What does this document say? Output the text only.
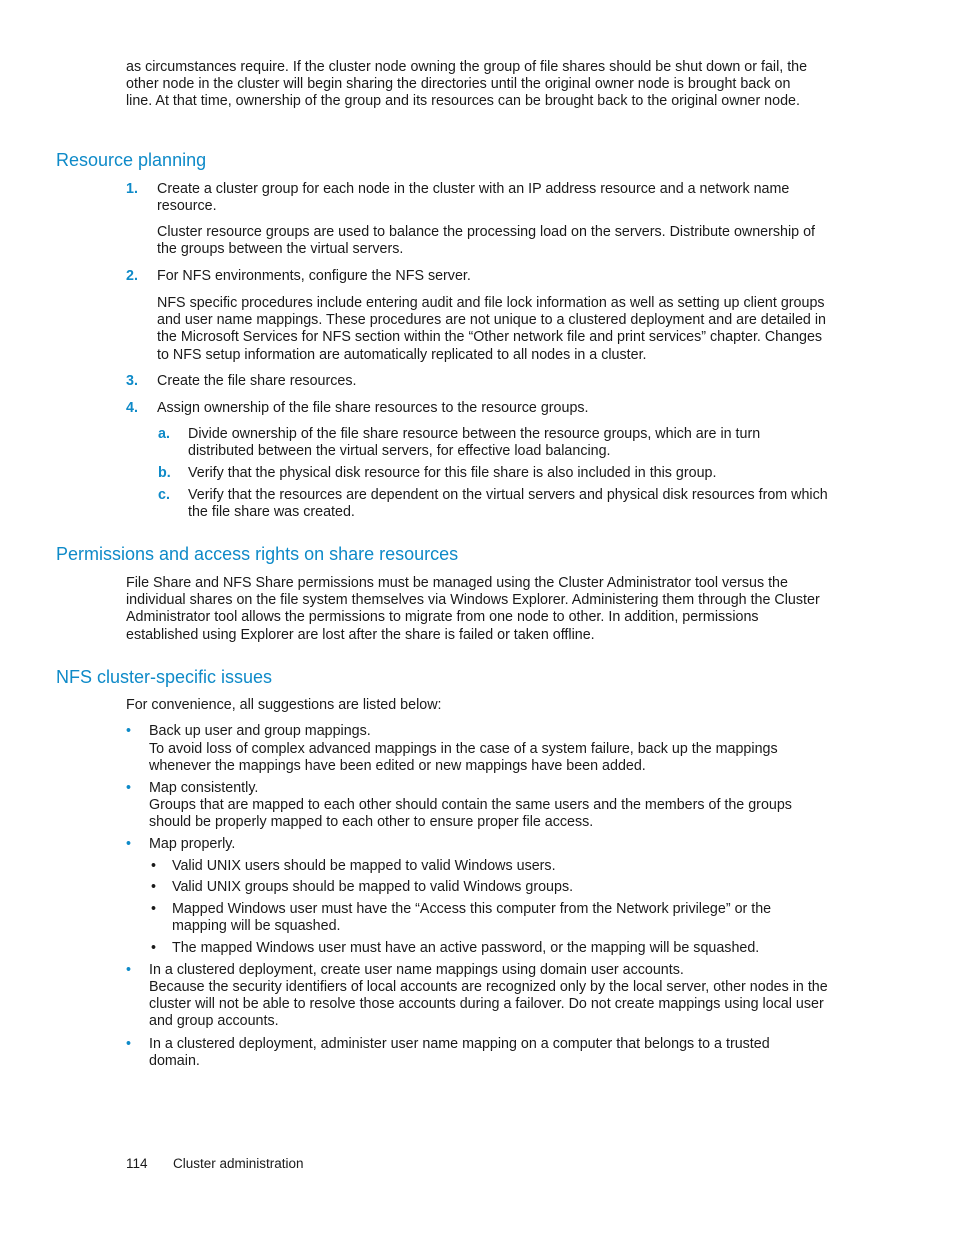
as circumstances require. If the cluster node owning the group of file shares should be shut down or fail, the other node in the cluster will begin sharing the directories until the original owner node is brought back on line. At that time, ownership of the group and its resources can be brought back to the original owner node.

Resource planning
1. Create a cluster group for each node in the cluster with an IP address resource and a network name resource.

Cluster resource groups are used to balance the processing load on the servers. Distribute ownership of the groups between the virtual servers.

2. For NFS environments, configure the NFS server.

NFS specific procedures include entering audit and file lock information as well as setting up client groups and user name mappings. These procedures are not unique to a clustered deployment and are detailed in the Microsoft Services for NFS section within the “Other network file and print services” chapter. Changes to NFS setup information are automatically replicated to all nodes in a cluster.

3. Create the file share resources.

4. Assign ownership of the file share resources to the resource groups.

a. Divide ownership of the file share resource between the resource groups, which are in turn distributed between the virtual servers, for effective load balancing.

b. Verify that the physical disk resource for this file share is also included in this group.

c. Verify that the resources are dependent on the virtual servers and physical disk resources from which the file share was created.

Permissions and access rights on share resources

File Share and NFS Share permissions must be managed using the Cluster Administrator tool versus the individual shares on the file system themselves via Windows Explorer. Administering them through the Cluster Administrator tool allows the permissions to migrate from one node to other. In addition, permissions established using Explorer are lost after the share is failed or taken offline.

NFS cluster-specific issues

For convenience, all suggestions are listed below:

• Back up user and group mappings.

To avoid loss of complex advanced mappings in the case of a system failure, back up the mappings whenever the mappings have been edited or new mappings have been added.

• Map consistently.

Groups that are mapped to each other should contain the same users and the members of the groups should be properly mapped to each other to ensure proper file access.

• Map properly.

• Valid UNIX users should be mapped to valid Windows users.

• Valid UNIX groups should be mapped to valid Windows groups.

• Mapped Windows user must have the “Access this computer from the Network privilege” or the mapping will be squashed.

• The mapped Windows user must have an active password, or the mapping will be squashed.

• In a clustered deployment, create user name mappings using domain user accounts.

Because the security identifiers of local accounts are recognized only by the local server, other nodes in the cluster will not be able to resolve those accounts during a failover. Do not create mappings using local user and group accounts.

• In a clustered deployment, administer user name mapping on a computer that belongs to a trusted domain.

114 Cluster administration
